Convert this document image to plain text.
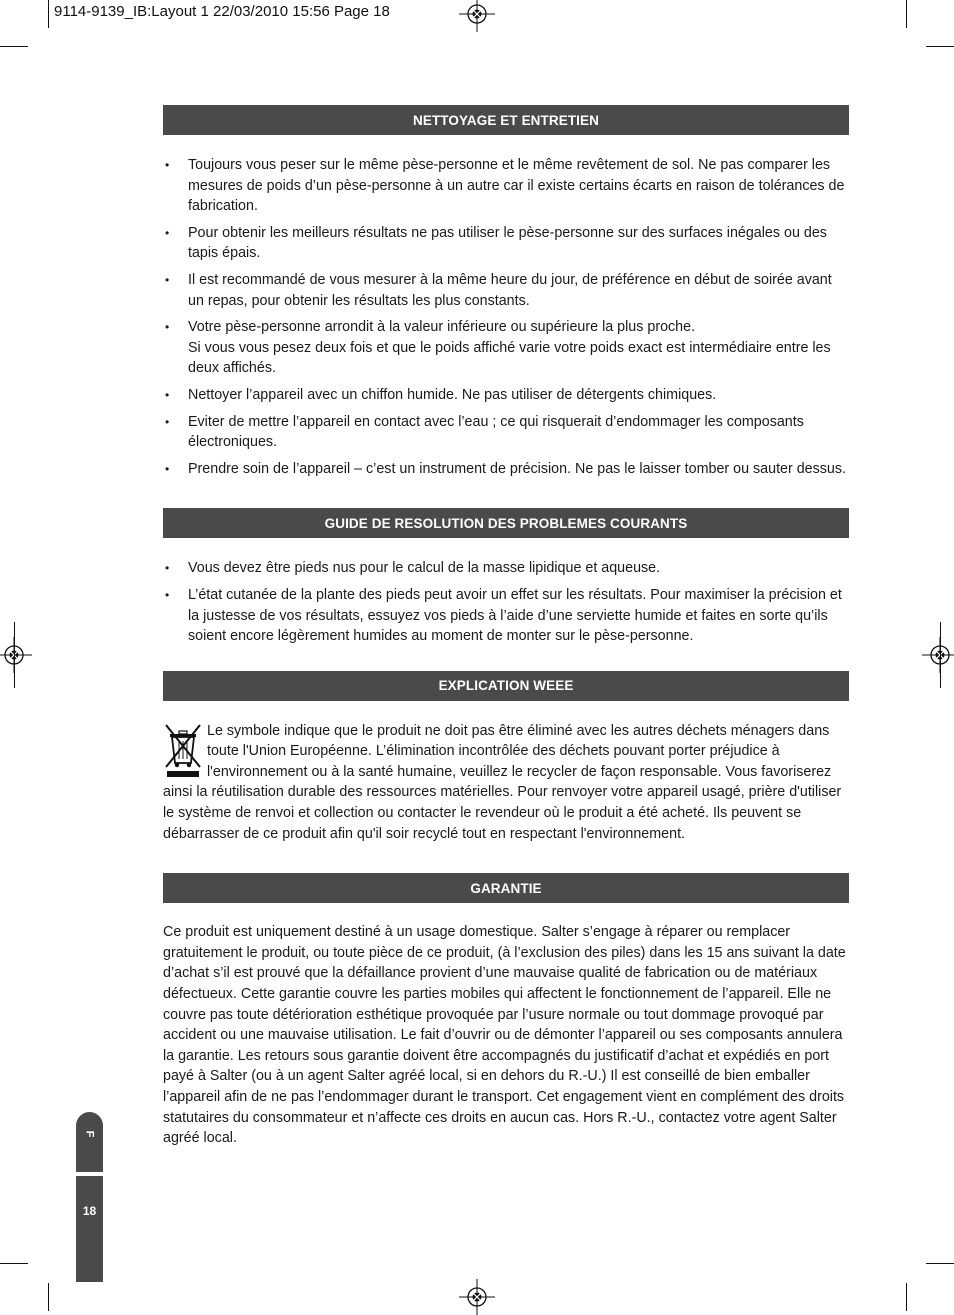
9114-9139_IB:Layout 1 22/03/2010 15:56 Page 18
NETTOYAGE ET ENTRETIEN
• Toujours vous peser sur le même pèse-personne et le même revêtement de sol. Ne pas comparer les mesures de poids d’un pèse-personne à un autre car il existe certains écarts en raison de tolérances de fabrication.
• Pour obtenir les meilleurs résultats ne pas utiliser le pèse-personne sur des surfaces inégales ou des tapis épais.
• Il est recommandé de vous mesurer à la même heure du jour, de préférence en début de soirée avant un repas, pour obtenir les résultats les plus constants.
• Votre pèse-personne arrondit à la valeur inférieure ou supérieure la plus proche.
Si vous vous pesez deux fois et que le poids affiché varie votre poids exact est intermédiaire entre les deux affichés.
• Nettoyer l’appareil avec un chiffon humide. Ne pas utiliser de détergents chimiques.
• Eviter de mettre l’appareil en contact avec l’eau ; ce qui risquerait d’endommager les composants électroniques.
• Prendre soin de l’appareil – c’est un instrument de précision. Ne pas le laisser tomber ou sauter dessus.
GUIDE DE RESOLUTION DES PROBLEMES COURANTS
• Vous devez être pieds nus pour le calcul de la masse lipidique et aqueuse.
• L’état cutanée de la plante des pieds peut avoir un effet sur les résultats. Pour maximiser la précision et la justesse de vos résultats, essuyez vos pieds à l’aide d’une serviette humide et faites en sorte qu’ils soient encore légèrement humides au moment de monter sur le pèse-personne.
EXPLICATION WEEE

Le symbole indique que le produit ne doit pas être éliminé avec les autres déchets ménagers dans toute l'Union Européenne. L’élimination incontrôlée des déchets pouvant porter préjudice à l'environnement ou à la santé humaine, veuillez le recycler de façon responsable. Vous favoriserez ainsi la réutilisation durable des ressources matérielles. Pour renvoyer votre appareil usagé, prière d'utiliser le système de renvoi et collection ou contacter le revendeur où le produit a été acheté. Ils peuvent se débarrasser de ce produit afin qu'il soir recyclé tout en respectant l'environnement.

GARANTIE

Ce produit est uniquement destiné à un usage domestique. Salter s’engage à réparer ou remplacer gratuitement le produit, ou toute pièce de ce produit, (à l’exclusion des piles) dans les 15 ans suivant la date d’achat s’il est prouvé que la défaillance provient d’une mauvaise qualité de fabrication ou de matériaux défectueux. Cette garantie couvre les parties mobiles qui affectent le fonctionnement de l’appareil. Elle ne couvre pas toute détérioration esthétique provoquée par l’usure normale ou tout dommage provoqué par accident ou une mauvaise utilisation. Le fait d’ouvrir ou de démonter l’appareil ou ses composants annulera la garantie. Les retours sous garantie doivent être accompagnés du justificatif d’achat et expédiés en port payé à Salter (ou à un agent Salter agréé local, si en dehors du R.-U.) Il est conseillé de bien emballer l’appareil afin de ne pas l’endommager durant le transport. Cet engagement vient en complément des droits statutaires du consommateur et n’affecte ces droits en aucun cas. Hors R.-U., contactez votre agent Salter agréé local.

F
18
